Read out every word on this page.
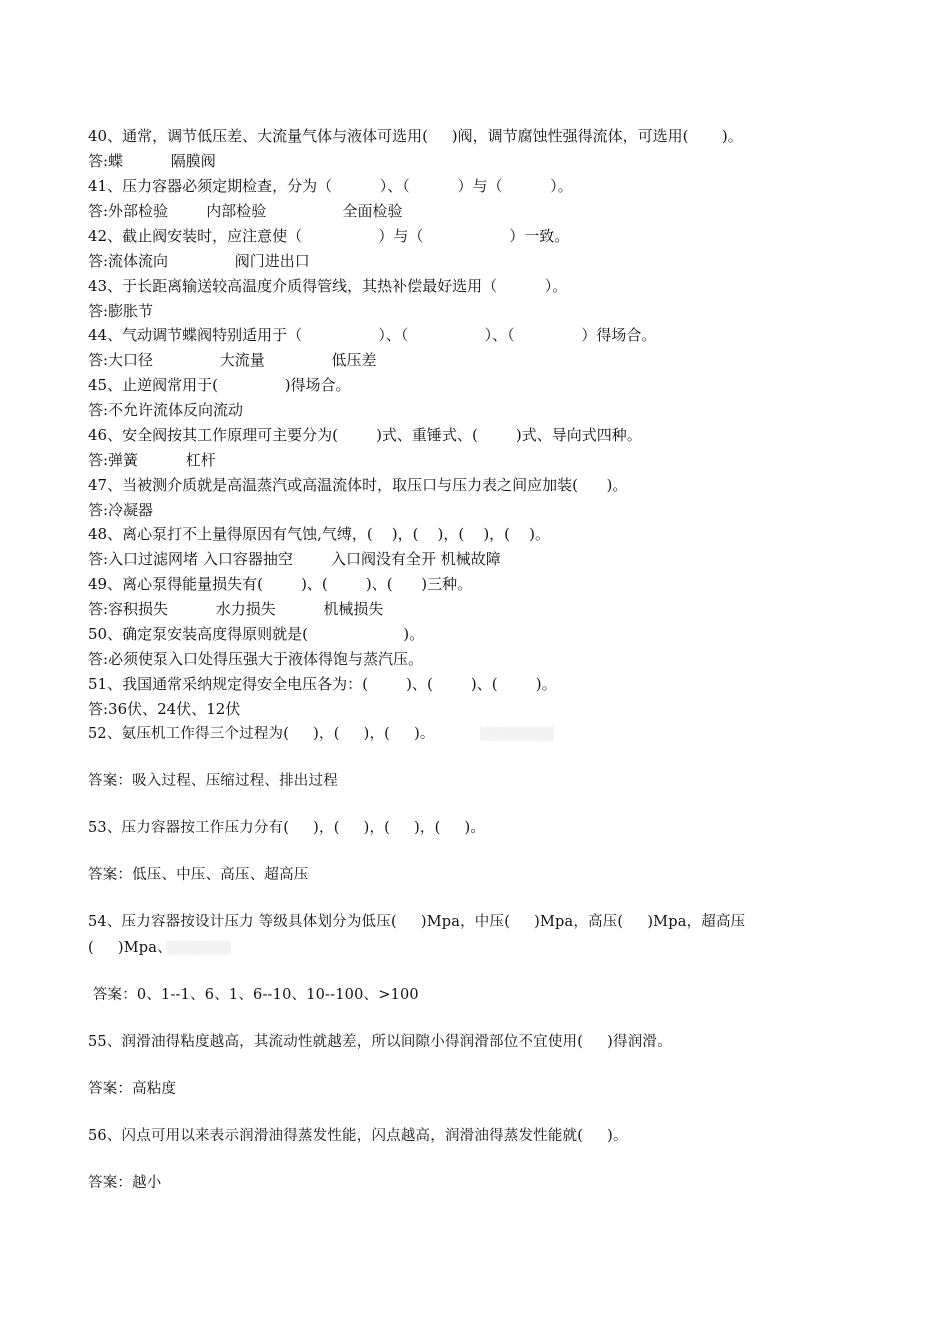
40、通常，调节低压差、大流量气体与液体可选用(     )阀，调节腐蚀性强得流体，可选用(       )。
答:蝶          隔膜阀
41、压力容器必须定期检查，分为（          ）、（          ）与（          ）。
答:外部检验        内部检验                全面检验
42、截止阀安装时，应注意使（                ）与（                  ）一致。
答:流体流向              阀门进出口
43、于长距离输送较高温度介质得管线，其热补偿最好选用（          ）。
答:膨胀节
44、气动调节蝶阀特别适用于（                ）、（                ）、（              ）得场合。
答:大口径              大流量              低压差
45、止逆阀常用于(              )得场合。
答:不允许流体反向流动
46、安全阀按其工作原理可主要分为(        )式、重锤式、(        )式、导向式四种。
答:弹簧          杠杆
47、当被测介质就是高温蒸汽或高温流体时，取压口与压力表之间应加装(      )。
答:冷凝器
48、离心泵打不上量得原因有气蚀,气缚，(    )，(    )，(    )，(    )。
答:入口过滤网堵 入口容器抽空        入口阀没有全开 机械故障
49、离心泵得能量损失有(        )、(        )、(      )三种。
答:容积损失          水力损失          机械损失
50、确定泵安装高度得原则就是(                    )。
答:必须使泵入口处得压强大于液体得饱与蒸汽压。
51、我国通常采纳规定得安全电压各为：(        )、(        )、(        )。
答:36伏、24伏、12伏
52、氨压机工作得三个过程为(     )，(     )，(     )。	▒▒▒▒▒▒▒▒
答案：吸入过程、压缩过程、排出过程
53、压力容器按工作压力分有(     )，(     )，(     )，(     )。
答案：低压、中压、高压、超高压
54、压力容器按设计压力 等级具体划分为低压(     )Mpa，中压(     )Mpa，高压(     )Mpa，超高压
(     )Mpa、
▒▒▒▒▒▒▒
答案：0、1--1、6、1、6--10、10--100、>100
55、润滑油得粘度越高，其流动性就越差，所以间隙小得润滑部位不宜使用(     )得润滑。
答案：高粘度
56、闪点可用以来表示润滑油得蒸发性能，闪点越高，润滑油得蒸发性能就(     )。
答案：越小
